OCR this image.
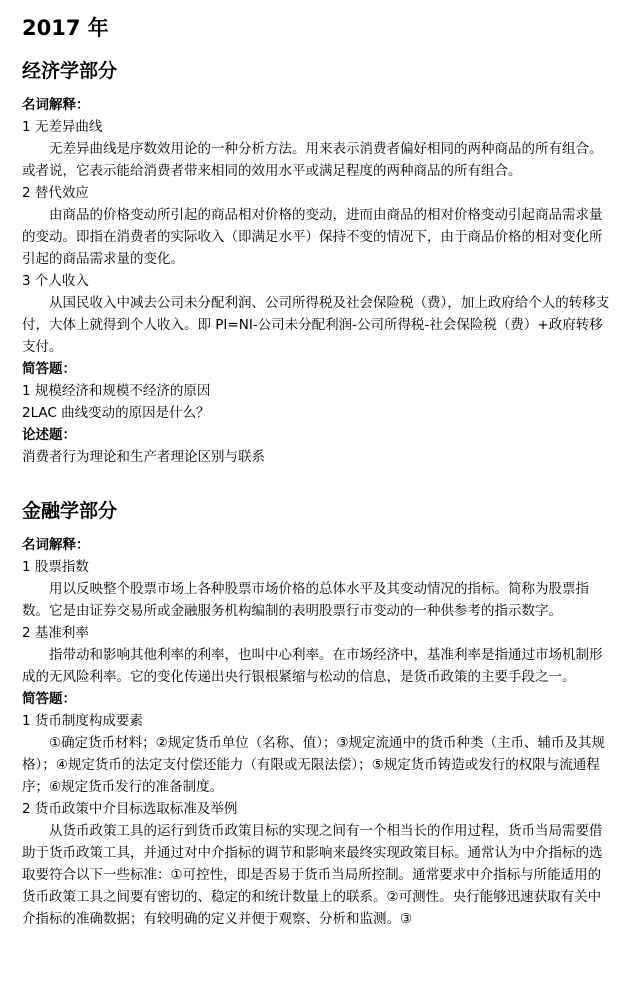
2017 年
经济学部分

名词解释：

1 无差异曲线

无差异曲线是序数效用论的一种分析方法。用来表示消费者偏好相同的两种商品的所有组合。或者说，它表示能给消费者带来相同的效用水平或满足程度的两种商品的所有组合。

2 替代效应

由商品的价格变动所引起的商品相对价格的变动，进而由商品的相对价格变动引起商品需求量的变动。即指在消费者的实际收入（即满足水平）保持不变的情况下，由于商品价格的相对变化所引起的商品需求量的变化。

3 个人收入

从国民收入中减去公司未分配利润、公司所得税及社会保险税（费），加上政府给个人的转移支付，大体上就得到个人收入。即 PI=NI-公司未分配利润-公司所得税-社会保险税（费）+政府转移支付。

简答题：

1 规模经济和规模不经济的原因

2LAC 曲线变动的原因是什么？

论述题：

消费者行为理论和生产者理论区别与联系

金融学部分

名词解释：

1 股票指数

用以反映整个股票市场上各种股票市场价格的总体水平及其变动情况的指标。简称为股票指数。它是由证券交易所或金融服务机构编制的表明股票行市变动的一种供参考的指示数字。

2 基准利率

指带动和影响其他利率的利率，也叫中心利率。在市场经济中，基准利率是指通过市场机制形成的无风险利率。它的变化传递出央行银根紧缩与松动的信息，是货币政策的主要手段之一。

简答题：

1 货币制度构成要素

①确定货币材料；②规定货币单位（名称、值）；③规定流通中的货币种类（主币、辅币及其规格）；④规定货币的法定支付偿还能力（有限或无限法偿）；⑤规定货币铸造或发行的权限与流通程序；⑥规定货币发行的准备制度。

2 货币政策中介目标选取标准及举例

从货币政策工具的运行到货币政策目标的实现之间有一个相当长的作用过程，货币当局需要借助于货币政策工具，并通过对中介指标的调节和影响来最终实现政策目标。通常认为中介指标的选取要符合以下一些标准：①可控性，即是否易于货币当局所控制。通常要求中介指标与所能适用的货币政策工具之间要有密切的、稳定的和统计数量上的联系。②可测性。央行能够迅速获取有关中介指标的准确数据；有较明确的定义并便于观察、分析和监测。③
